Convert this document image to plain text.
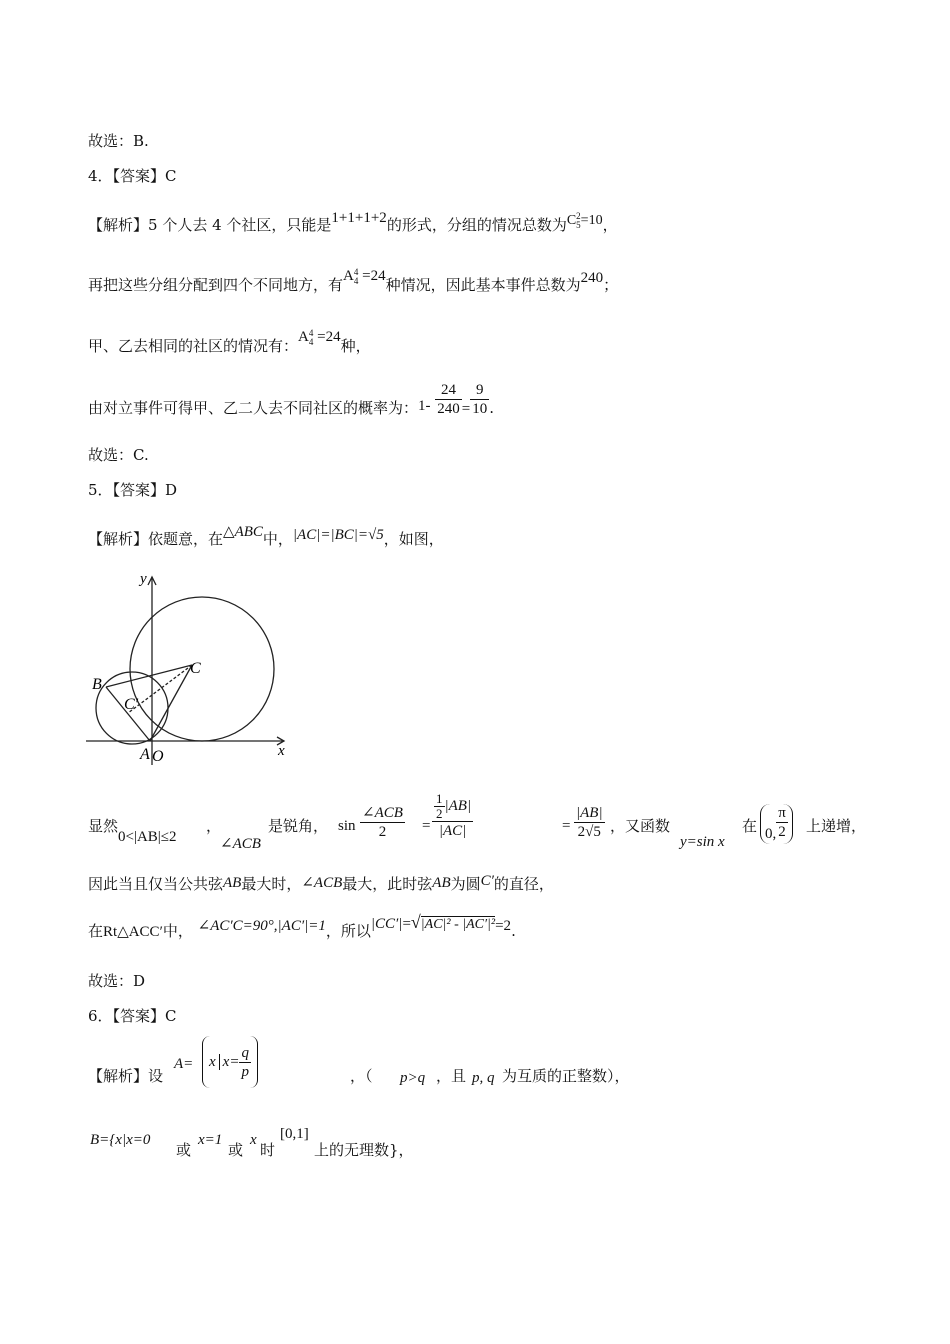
故选：B.
4．【答案】C
【解析】5 个人去 4 个社区，只能是1+1+1+2的形式，分组的情况总数为C 2
5 =10，
再把这些分组分配到四个不同地方，有A 4
4 =24种情况，因此基本事件总数为240；
甲、乙去相同的社区的情况有：A 4
4 =24种，
由对立事件可得甲、乙二人去不同社区的概率为：$1- \frac{24}{240} = \frac{9}{10}$ .
故选：C.
5．【答案】D
【解析】依题意，在△ABC中，|AC|=|BC|=√5，如图，
y
x
B
C
C′
A O
显然
0<|AB|≤2
，
∠ACB
是锐角， sin
∠ACB
2	= $\frac{\frac{1}{2} |AB|}{|AC|}$	= $\frac{|AB|}{2√5}$ ，又函数
y=sin x
在 0, $\frac{\pi}{2}$ 上递增，
因此当且仅当公共弦AB最大时，∠ACB最大，此时弦AB为圆C′的直径，
在Rt△ACC′中， ∠AC′C=90°,|AC′|=1，所以|CC′|=√|AC|² - |AC′|²=2.
故选：D
6．【答案】C
【解析】设
A=	x $x= \frac{q}{p}$	，（ p>q ，且 p, q 为互质的正整数），
B={x|x=0
或
x=1
或
x
时
[0,1]
上的无理数}，
